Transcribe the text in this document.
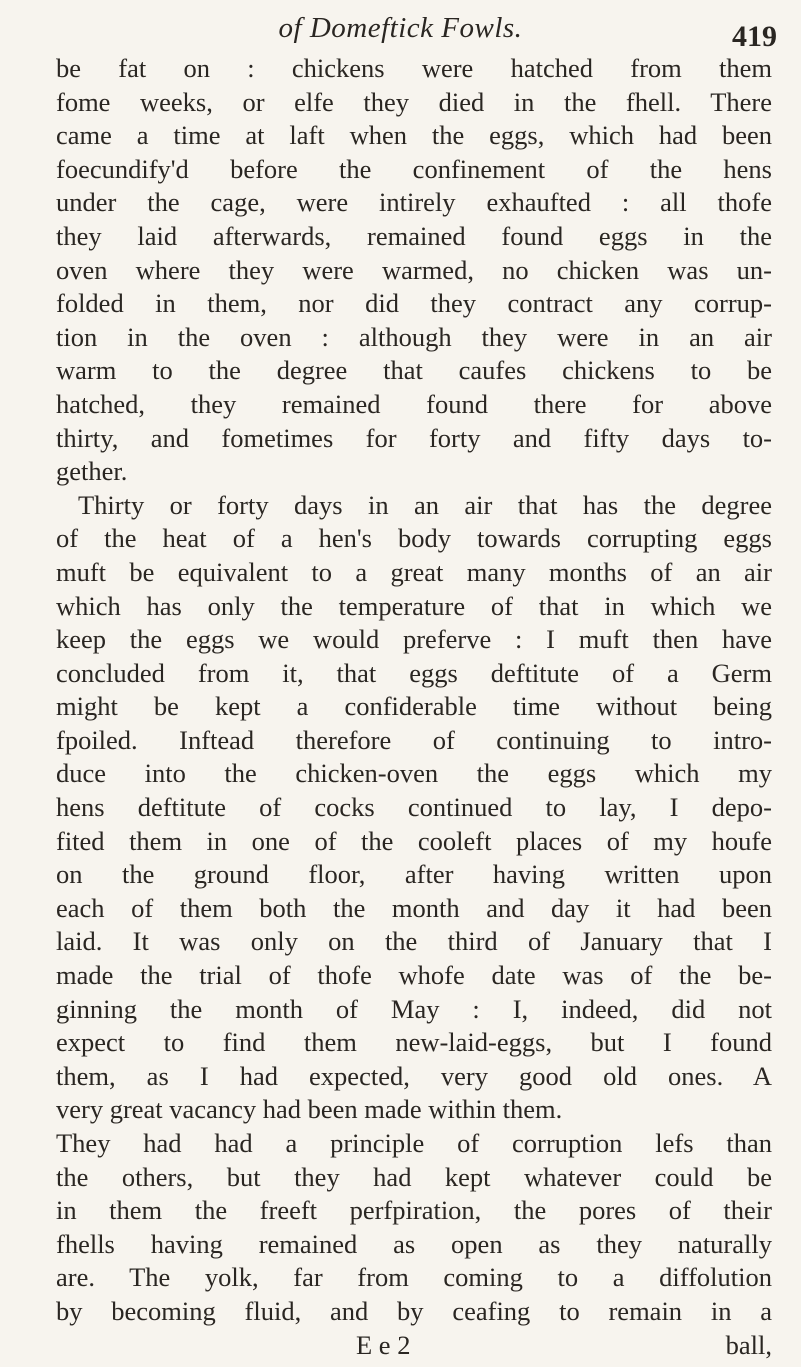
of Domeftick Fowls.	419
be fat on : chickens were hatched from them
fome weeks, or elfe they died in the fhell. There
came a time at laft when the eggs, which had been
foecundify'd before the confinement of the hens
under the cage, were intirely exhaufted : all thofe
they laid afterwards, remained found eggs in the
oven where they were warmed, no chicken was un-
folded in them, nor did they contract any corrup-
tion in the oven : although they were in an air
warm to the degree that caufes chickens to be
hatched, they remained found there for above
thirty, and fometimes for forty and fifty days to-
gether.
Thirty or forty days in an air that has the degree
of the heat of a hen's body towards corrupting eggs
muft be equivalent to a great many months of an air
which has only the temperature of that in which we
keep the eggs we would preferve : I muft then have
concluded from it, that eggs deftitute of a Germ
might be kept a confiderable time without being
fpoiled. Inftead therefore of continuing to intro-
duce into the chicken-oven the eggs which my
hens deftitute of cocks continued to lay, I depo-
fited them in one of the cooleft places of my houfe
on the ground floor, after having written upon
each of them both the month and day it had been
laid. It was only on the third of January that I
made the trial of thofe whofe date was of the be-
ginning the month of May : I, indeed, did not
expect to find them new-laid-eggs, but I found
them, as I had expected, very good old ones. A
very great vacancy had been made within them.
They had had a principle of corruption lefs than
the others, but they had kept whatever could be
in them the freeft perfpiration, the pores of their
fhells having remained as open as they naturally
are. The yolk, far from coming to a diffolution
by becoming fluid, and by ceafing to remain in a
E e 2	ball,
